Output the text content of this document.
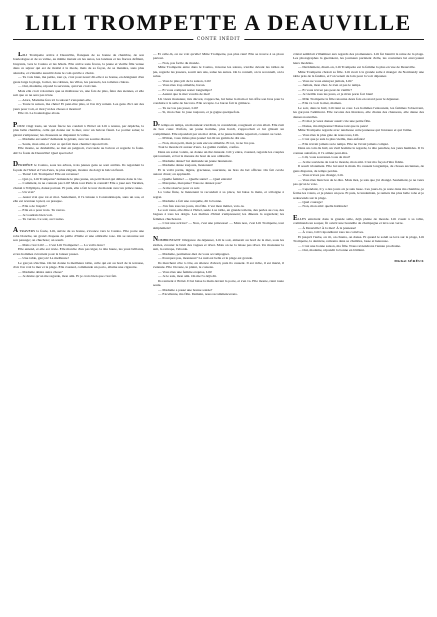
LILI TROMPETTE A DEAUVILLE
CONTE INÉDIT

LILI Trompette arrive à Deauville, flanquée de sa bonne de chambre, de son bouledogue et de sa valise, au même instant où les autos, les landaus et les fiacres défilent, bruyants, vers le Casino et les hôtels. Elle arrive sans fracas, la jeune et vieille fille venue dans ce séjour qui est de moitié à la mode, mais de sa façon, de sa manière, sans plus attendre, et s'installe aussitôt dans le coin qu'elle a choisi.

— Tu vois bien, ma petite, tout ça, c'est pour nous! dit-elle à sa bonne, en désignant d'un geste large la plage, la mer, les cabines, les villas, les parasols, les toilettes claires.

— Oui, madame, répond la servante, qui n'en croit rien.

Mais elle croit volontiers que sa maîtresse va, une fois de plus, faire des siennes, et elle sait que ce ne sera pas triste.

— Alors, Madame fera ici la saison? s'enquiert-elle.

— Toute la saison, ma chère! Et peut-être plus, si l'on m'y retient. Les gens d'ici ont des yeux pour voir, et moi j'ai des choses à montrer!

Elle rit. Le bouledogue aboie.

POUR vingt louis, un vieux fiacre les conduit à l'hôtel où Lili a retenu, par dépêche, la plus belle chambre, celle qui donne sur la mer, avec un balcon fleuri. Le portier salue; le gérant s'empresse; les chasseurs se disputent la valise.

— Madame est seule? demande le gérant, avec un sourire discret.

— Seule, mon ami, et c'est ce qui fait mon charme! répond Lili.

Elle monte, se déshabille, se met en peignoir, s'accoude au balcon et regarde la foule. Ah! la foule de Deauville! Quel spectacle!

DERRIÈRE le Casino, sous les arbres, trois jeunes gens se sont arrêtés. Ils regardent la façade de l'hôtel et l'un d'eux, le plus élégant, montre du doigt le balcon fleuri.

— Tiens! Lili Trompette! Elle est revenue!

— Qui ça, Lili Trompette? demande le plus jeune, un petit blond qui débute dans la vie.

— Comment, tu ne connais pas Lili? Mais tout Paris la connaît! Elle a joué aux Variétés, chanté à l'Olympia, dansé partout. Et puis, elle a fait le tour du monde avec un prince russe.

— Un vrai?

— Aussi vrai que toi et moi. Seulement, il l'a laissée à Constantinople, sans un sou, et elle est revenue à pied, ou presque.

— Elle a de l'esprit?

— Elle en a pour trois. Tu verras.

— Je voudrais bien voir.

— Tu verras. Ce soir, au Casino.

A TRAVERS la foule, Lili, suivie de sa bonne, s'avance vers le Casino. Elle porte une robe blanche, un grand chapeau de paille d'Italie et une ombrelle rose. On se retourne sur son passage; on chuchote; on sourit.

— Mais c'est Lili! — C'est Lili Trompette! — La voilà donc!

Elle entend, et elle est ravie. Elle marche d'un pas léger, la tête haute, les yeux brillants, et les hommes s'écartent pour la laisser passer.

— Une table, garçon! La meilleure!

Le garçon s'incline. On lui donne la meilleure table, celle qui est au bord de la terrasse, d'où l'on voit la mer et la plage. Elle s'assied, commande un porto, allume une cigarette.

— Madame désire autre chose?

— Je désire qu'on me regarde, mon ami. Et je crois bien que c'est fait.

— Et celle-là, on ne voit qu'elle! Mme Trompette, pas plus rien! Elle se trouve à sa place partout.

— Non, pas facile du monde.

Mme Trompette entre dans le Casino, traverse les salons, s'arrête devant les tables de jeu, regarde les joueurs, sourit aux uns, salue les autres. On la connaît, on la reconnaît, on la salue.

— Vous le plus joli de la saison, Lili!

— Vous êtes trop aimable, baron.

— Et vous comptez rester longtemps?

— Autant que la mer voudra de moi!

Un vieux monsieur, très décoré, s'approche, lui baise la main et lui offre son bras pour la conduire à la salle de baccara. Elle accepte. Le baron fait la grimace.

— Tu ne vas pas jouer, Lili?

— Si, mon cher. Je joue toujours, et je gagne quelquefois.

DE temps en temps, un monsieur s'arrêtait, la considérait, rougissait et s'en allait. Elle riait de bon cœur. Parfois, un jeune homme, plus hardi, s'approchait et lui glissait un compliment. Elle répondait par un mot drôle, et le jeune homme repartait, content ou vexé.

— M'man, vous n'êtes plus jeune! lui dit un gamin de dix ans.

— Non, mon petit, mais je suis encore aimable. Et toi, tu ne l'es pas.

Tout le monde rit autour d'eux. Le gamin s'enfuit, confus.

Dans un salon voisin, on donne un thé dansant. Lili y entre, s'assied, regarde les couples qui tournent, et bat la mesure du bout de son ombrelle.

— Madame danse? lui demande un jeune lieutenant.

— Madame danse toujours, lieutenant!

Et la voilà partie, légère, gracieuse, souriante, au bras du bel officier. On fait cercle autour d'eux; on applaudit.

— Quelle femme! — Quelle santé! — Quel entrain!

— Marquise, marquise! Vous ne dansez pas?

— Je me réserve pour ce soir.

La valse finie, le lieutenant la reconduit à sa place, lui baise la main, et s'éloigne à regret.

— Madame a fait une conquête, dit la bonne.

— J'en fais tous les jours, ma fille. C'est mon métier, vois-tu.

Le soir venu, elle dîne à l'hôtel, seule à sa table, en grande toilette, des perles au cou, des bagues à tous les doigts. Les maîtres d'hôtel s'empressent; les dîneurs la regardent; les femmes chuchotent.

— C'est une actrice? — Non, c'est une princesse! — Mais non, c'est Lili Trompette, tout simplement!

NOMBRISTANT l'élégance du déjeuner, Lili le soir, aimerait au bord de la mer, sous les étoiles, écouter le bruit des vagues et rêver. Mais on ne la laisse pas rêver. Un monsieur la suit, la rattrape, l'aborde.

— Madame, permettez-moi de vous accompagner.

— Pourquoi pas, monsieur? La nuit est belle et la plage est grande.

Ils marchent côte à côte, en silence d'abord, puis ils causent. Il est riche, il est marié, il s'ennuie. Elle l'écoute, le plaint, le console.

— Vous êtes une femme exquise, Lili!

— Je le sais, mon ami. On me l'a déjà dit.

Ils rentrent à l'hôtel. Il lui baise la main devant la porte, et s'en va. Elle monte, riant toute seule.

— Madame a passé une bonne soirée?

— Excellente, ma fille. Demain, nous recommencerons.

cristal semblait s'illuminer aux regards des promeneurs. Lili fut bientôt la reine de la plage. Les photographes la guettaient, les journaux parlaient d'elle, les couturiers lui envoyaient leurs modèles.

— Décidément, disait-on, Lili Trompette est la femme la plus en vue de Deauville.

Mme Trompette choisit sa fille. Lili avait à la grande salle à manger du Normandy une table près de la fenêtre, et l'on venait de loin pour la voir déjeuner.

— Vous ne vous ennuyez jamais, Lili?

— Jamais, mon cher. Je n'en ai pas le temps.

— Et vous n'avez pas peur de vieillir?

— Je vieillis tous les jours, et je m'en porte fort bien!

— Mlle Trompette la fille retourna deux fois en retard pour le déjeuner.

— Elle va voir la mer, maman.

Le soir, dans le hall, Lili tient sa cour. Les hommes l'entourent, les femmes l'observent, les garçons l'admirent. Elle raconte des histoires, elle chante des chansons, elle danse des danses nouvelles.

— Et moi je veux danser aussi! crie une petite fille.

— Danse, ma mignonne! Danse tant que tu peux!

Mme Trompette regarde avec tendresse cette jeunesse qui l'entoure et qui l'aime.

— Vous êtes la plus gaie de nous tous, Lili.

— C'est que je suis la plus vieille, mes enfants!

— Elle n'avait jamais su le temps. Elle ne l'avait jamais compté.

Dans un coin du hall, un vieil homme la regarde, la tête penchée, les yeux humides. Il l'a connue autrefois, il l'a aimée peut-être.

— Lili, vous souvenez-vous de moi?

— Je me souviens de tout le monde, mon ami. C'est ma façon d'être fidèle.

Il sourit tristement. Elle lui tend la main. Ils causent longtemps, de choses anciennes, de gens disparus, de temps perdus.

— Vous n'avez pas changé, Lili.

— Vous êtes bien bon de le dire. Mais moi, je sais que j'ai changé. Seulement, je ne veux pas qu'on le voie.

— Cependant, il y a des jours où je suis lasse. Ces jours-là, je reste dans ma chambre, je ferme les volets, et je pleure un peu. Et puis, le lendemain, je remets ma plus belle robe et je redescends sur la plage.

— Quel courage!

— Non, mon ami: quelle habitude!

ELLES entrèrent dans la grande salle, déjà pleine de monde. Lili s'assit à sa table, commanda un souper, fit ouvrir une bouteille de champagne et leva son verre.

— À Deauville! À la mer! À la jeunesse!

— À vous, Lili! répondirent tous les convives.

Et jusqu'à l'aube, on rit, on chanta, on dansa. Et quand le soleil se leva sur la plage, Lili Trompette, la dernière, remonta dans sa chambre, lasse et heureuse.

— C'est une bonne saison, ma fille. Nous reviendrons l'année prochaine.

— Oui, madame, répondit la bonne en bâillant.

Michel SÉRÉUX
